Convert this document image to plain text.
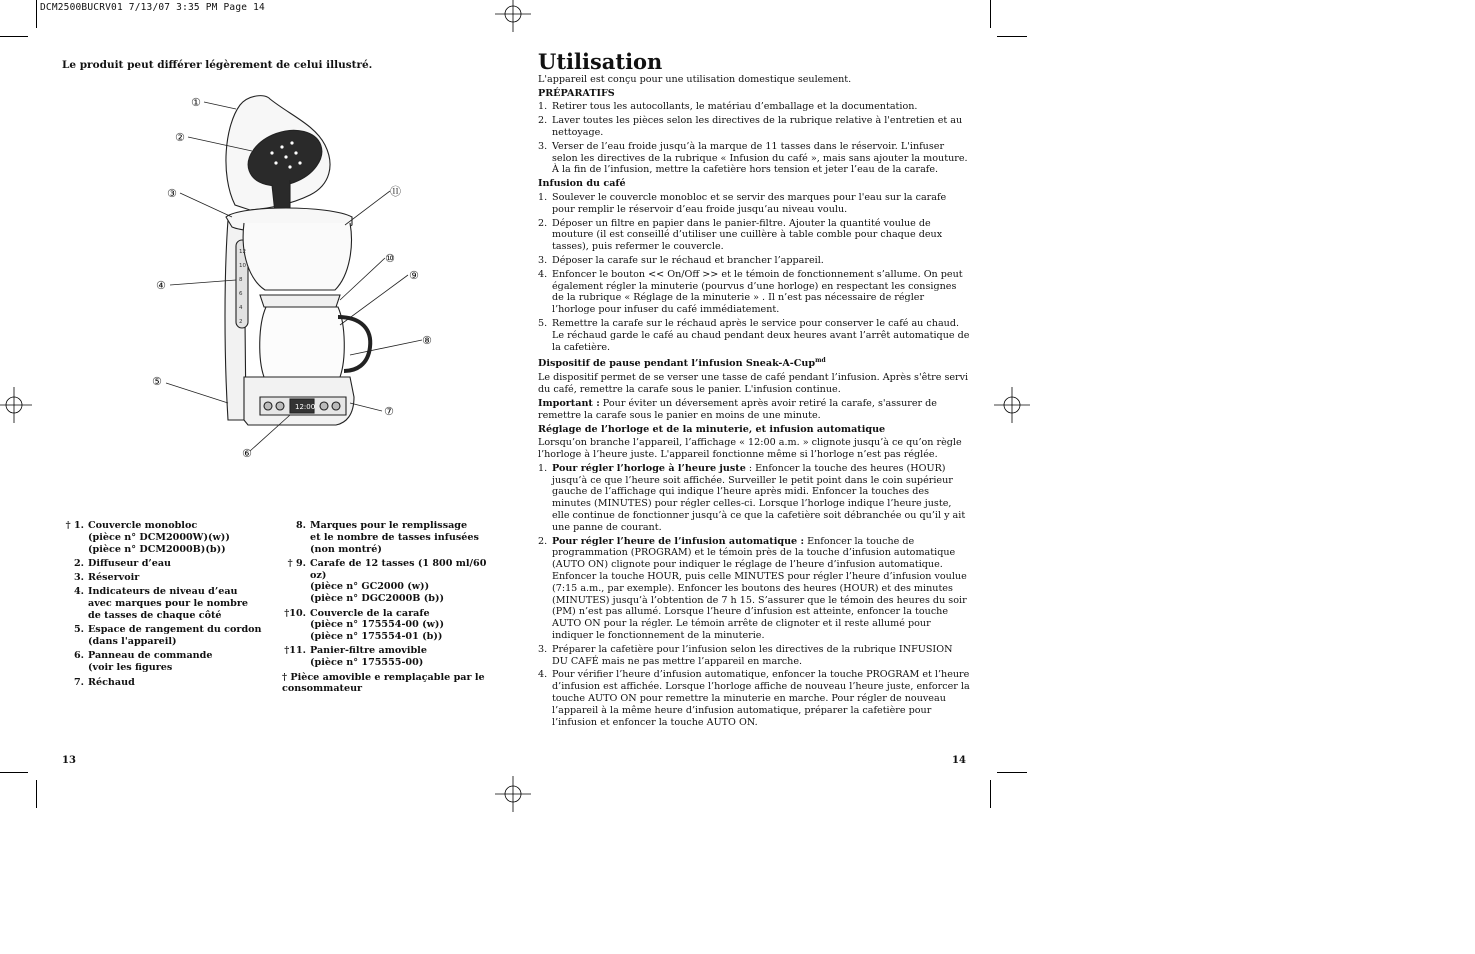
DCM2500BUCRV01 7/13/07 3:35 PM Page 14
Le produit peut différer légèrement de celui illustré.
12:00
12
10
8
6
4
2
①
②
③
④
⑤
⑥
⑦
⑧
⑨
⑩
⑪
† 1. Couvercle monobloc
(pièce n° DCM2000W)(w))
(pièce n° DCM2000B)(b))
2. Diffuseur d’eau
3. Réservoir
4. Indicateurs de niveau d’eau
avec marques pour le nombre
de tasses de chaque côté
5. Espace de rangement du cordon
(dans l'appareil)
6. Panneau de commande
(voir les figures
7. Réchaud
8. Marques pour le remplissage
et le nombre de tasses infusées
(non montré)
† 9. Carafe de 12 tasses (1 800 ml/60 oz)
(pièce n° GC2000 (w))
(pièce n° DGC2000B (b))
†10. Couvercle de la carafe
(pièce n° 175554-00 (w))
(pièce n° 175554-01 (b))
†11. Panier-filtre amovible
(pièce n° 175555-00)
† Pièce amovible e remplaçable par le
consommateur
13
Utilisation

L'appareil est conçu pour une utilisation domestique seulement.

PRÉPARATIFS
1. Retirer tous les autocollants, le matériau d’emballage et la documentation.
2. Laver toutes les pièces selon les directives de la rubrique relative à l'entretien et au nettoyage.
3. Verser de l’eau froide jusqu’à la marque de 11 tasses dans le réservoir. L'infuser selon les directives de la rubrique « Infusion du café », mais sans ajouter la mouture. À la fin de l’infusion, mettre la cafetière hors tension et jeter l’eau de la carafe.
Infusion du café
1. Soulever le couvercle monobloc et se servir des marques pour l'eau sur la carafe pour remplir le réservoir d’eau froide jusqu’au niveau voulu.
2. Déposer un filtre en papier dans le panier-filtre. Ajouter la quantité voulue de mouture (il est conseillé d’utiliser une cuillère à table comble pour chaque deux tasses), puis refermer le couvercle.
3. Déposer la carafe sur le réchaud et brancher l’appareil.
4. Enfoncer le bouton << On/Off >> et le témoin de fonctionnement s’allume. On peut également régler la minuterie (pourvus d’une horloge) en respectant les consignes de la rubrique « Réglage de la minuterie » . Il n’est pas nécessaire de régler l’horloge pour infuser du café immédiatement.
5. Remettre la carafe sur le réchaud après le service pour conserver le café au chaud. Le réchaud garde le café au chaud pendant deux heures avant l’arrêt automatique de la cafetière.
Dispositif de pause pendant l’infusion Sneak-A-Cup$^{md}$

Le dispositif permet de se verser une tasse de café pendant l’infusion. Après s'être servi du café, remettre la carafe sous le panier. L'infusion continue.

Important : Pour éviter un déversement après avoir retiré la carafe, s'assurer de remettre la carafe sous le panier en moins de une minute.

Réglage de l’horloge et de la minuterie, et infusion automatique

Lorsqu’on branche l’appareil, l’affichage « 12:00 a.m. » clignote jusqu’à ce qu’on règle l’horloge à l’heure juste. L'appareil fonctionne même si l’horloge n’est pas réglée.

1. Pour régler l’horloge à l’heure juste : Enfoncer la touche des heures (HOUR) jusqu’à ce que l’heure soit affichée. Surveiller le petit point dans le coin supérieur gauche de l’affichage qui indique l’heure après midi. Enfoncer la touches des minutes (MINUTES) pour régler celles-ci. Lorsque l’horloge indique l’heure juste, elle continue de fonctionner jusqu’à ce que la cafetière soit débranchée ou qu’il y ait une panne de courant.
2. Pour régler l’heure de l’infusion automatique : Enfoncer la touche de programmation (PROGRAM) et le témoin près de la touche d’infusion automatique (AUTO ON) clignote pour indiquer le réglage de l’heure d’infusion automatique. Enfoncer la touche HOUR, puis celle MINUTES pour régler l’heure d’infusion voulue (7:15 a.m., par exemple). Enfoncer les boutons des heures (HOUR) et des minutes (MINUTES) jusqu’à l’obtention de 7 h 15. S’assurer que le témoin des heures du soir (PM) n’est pas allumé. Lorsque l’heure d’infusion est atteinte, enfoncer la touche AUTO ON pour la régler. Le témoin arrête de clignoter et il reste allumé pour indiquer le fonctionnement de la minuterie.
3. Préparer la cafetière pour l’infusion selon les directives de la rubrique INFUSION DU CAFÉ mais ne pas mettre l’appareil en marche.
4. Pour vérifier l’heure d’infusion automatique, enfoncer la touche PROGRAM et l’heure d’infusion est affichée. Lorsque l’horloge affiche de nouveau l’heure juste, enforcer la touche AUTO ON pour remettre la minuterie en marche. Pour régler de nouveau l’appareil à la même heure d’infusion automatique, préparer la cafetière pour l’infusion et enfoncer la touche AUTO ON.
14
